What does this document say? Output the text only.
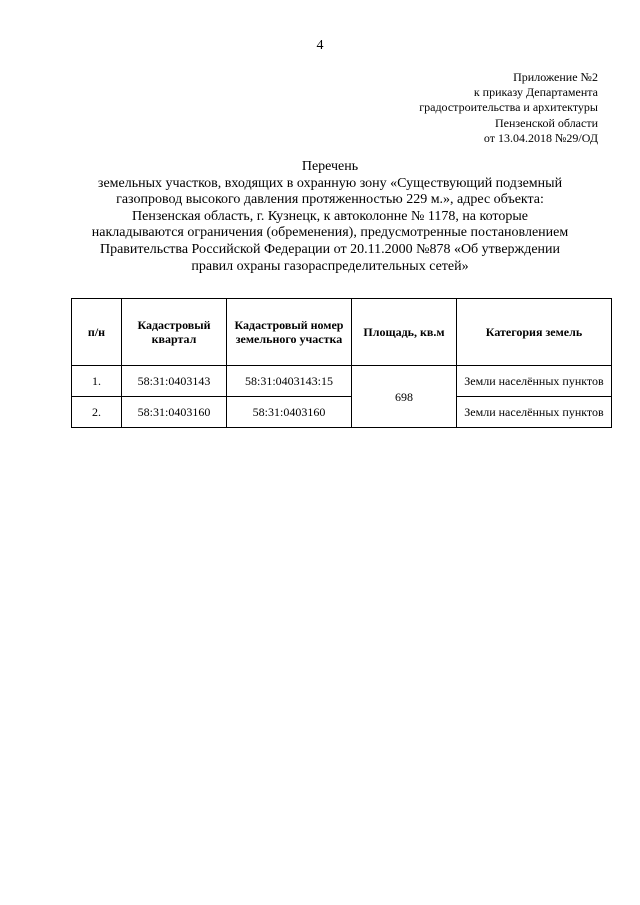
4
Приложение №2
к приказу Департамента
градостроительства и архитектуры
Пензенской области
от 13.04.2018 №29/ОД
Перечень
земельных участков, входящих в охранную зону «Существующий подземный
газопровод высокого давления протяженностью 229 м.», адрес объекта:
Пензенская область, г. Кузнецк, к автоколонне № 1178, на которые
накладываются ограничения (обременения), предусмотренные постановлением
Правительства Российской Федерации от 20.11.2000 №878 «Об утверждении
правил охраны газораспределительных сетей»
п/н	Кадастровый квартал	Кадастровый номер земельного участка	Площадь, кв.м	Категория земель
1.	58:31:0403143	58:31:0403143:15	698	Земли населённых пунктов
2.	58:31:0403160	58:31:0403160		Земли населённых пунктов
